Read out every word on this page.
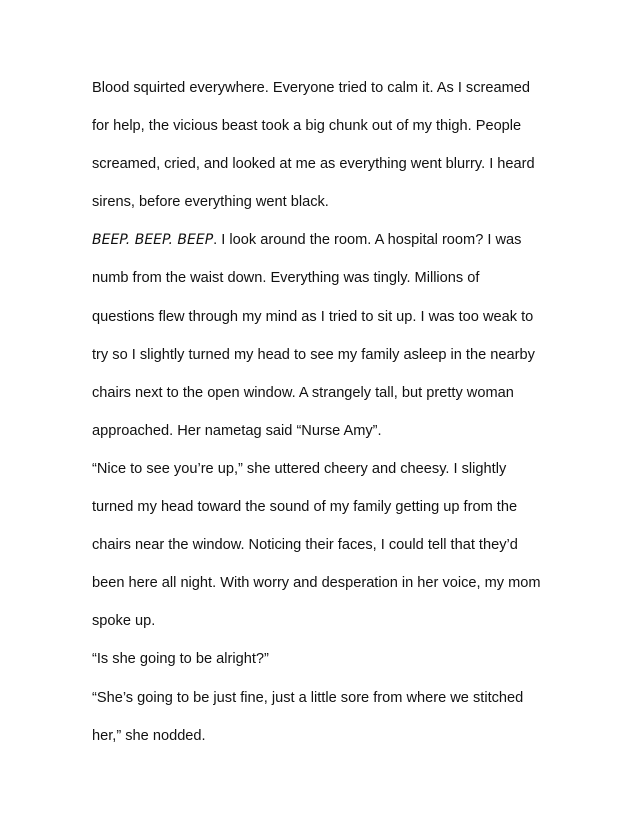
Blood squirted everywhere. Everyone tried to calm it. As I screamed
for help, the vicious beast took a big chunk out of my thigh. People
screamed, cried, and looked at me as everything went blurry. I heard
sirens, before everything went black.
BEEP. BEEP. BEEP. I look around the room. A hospital room? I was
numb from the waist down. Everything was tingly. Millions of
questions flew through my mind as I tried to sit up. I was too weak to
try so I slightly turned my head to see my family asleep in the nearby
chairs next to the open window. A strangely tall, but pretty woman
approached. Her nametag said “Nurse Amy”.
“Nice to see you’re up,” she uttered cheery and cheesy. I slightly
turned my head toward the sound of my family getting up from the
chairs near the window. Noticing their faces, I could tell that they’d
been here all night. With worry and desperation in her voice, my mom
spoke up.
“Is she going to be alright?”
“She’s going to be just fine, just a little sore from where we stitched
her,” she nodded.
